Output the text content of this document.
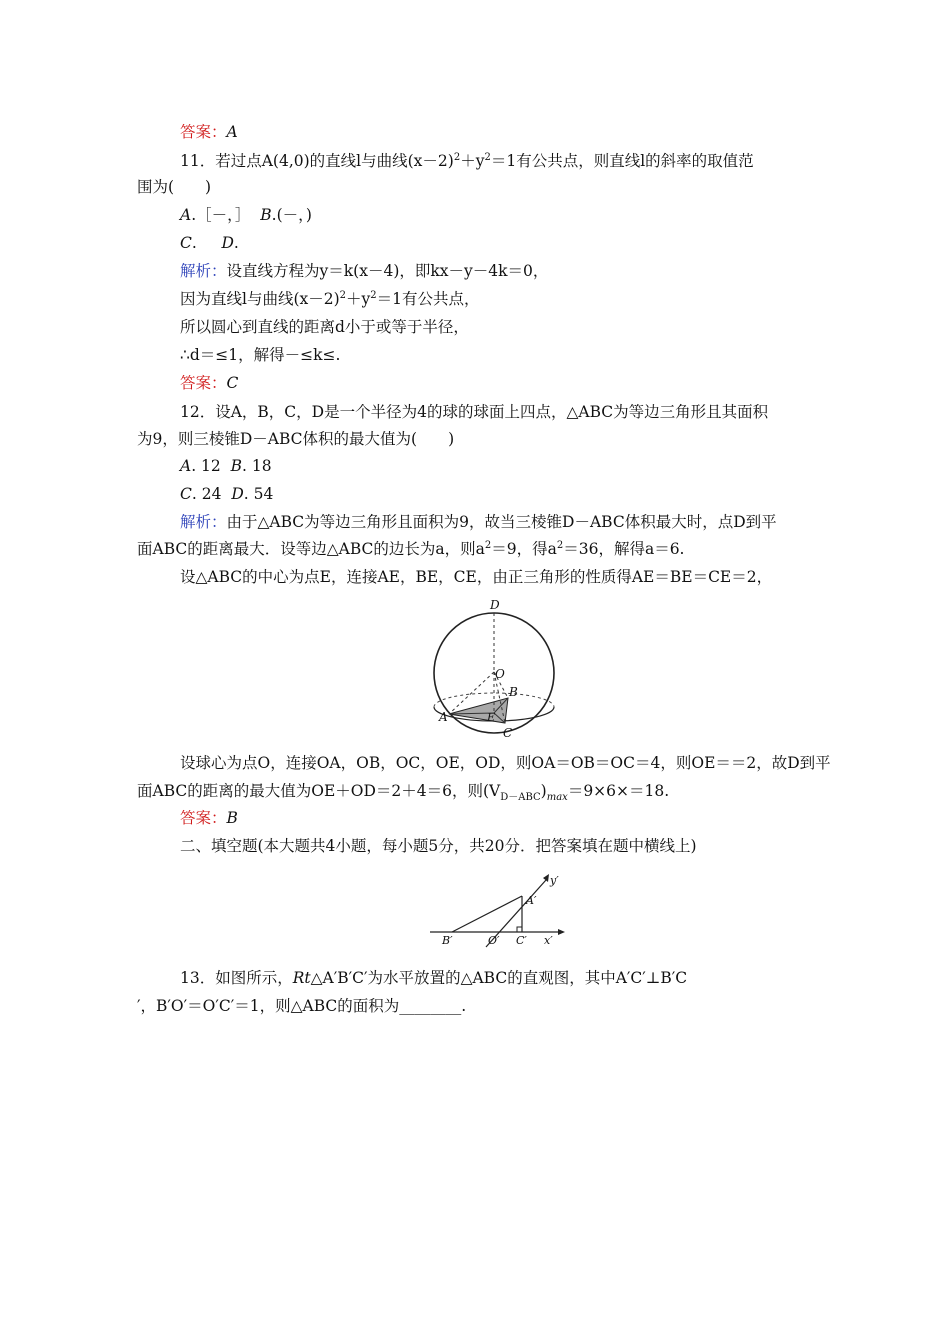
答案：A
11．若过点A(4,0)的直线l与曲线$(x-2)^2+y^2=1$有公共点，则直线l的斜率的取值范
围为(　　)
A.［－，］ B.(－，)
C. D.
解析：设直线方程为y＝k(x－4)，即kx－y－4k＝0，
因为直线l与曲线$(x-2)^2+y^2=1$有公共点，
所以圆心到直线的距离d小于或等于半径，
∴d＝≤1，解得－≤k≤.
答案：C
12．设A，B，C，D是一个半径为4的球的球面上四点，△ABC为等边三角形且其面积
为9，则三棱锥D－ABC体积的最大值为(　　)
A. 12 B. 18
C. 24 D. 54
解析：由于△ABC为等边三角形且面积为9，故当三棱锥D－ABC体积最大时，点D到平
面ABC的距离最大．设等边△ABC的边长为a，则$a^2=9$，得$a^2=36$，解得a＝6.
设△ABC的中心为点E，连接AE，BE，CE，由正三角形的性质得AE＝BE＝CE＝2，
D
O
B
A	E
C
设球心为点O，连接OA，OB，OC，OE，OD，则OA＝OB＝OC＝4，则OE＝＝2，故D到平
面ABC的距离的最大值为OE＋OD＝2＋4＝6，则$(V_{D-ABC})_{max}=9\times 6\times=18$.
答案：B
二、填空题(本大题共4小题，每小题5分，共20分．把答案填在题中横线上)
y′
A′
B′	O′ C′ x′
13．如图所示，Rt△A′B′C′为水平放置的△ABC的直观图，其中A′C′⊥B′C
′，B′O′＝O′C′＝1，则△ABC的面积为________.
